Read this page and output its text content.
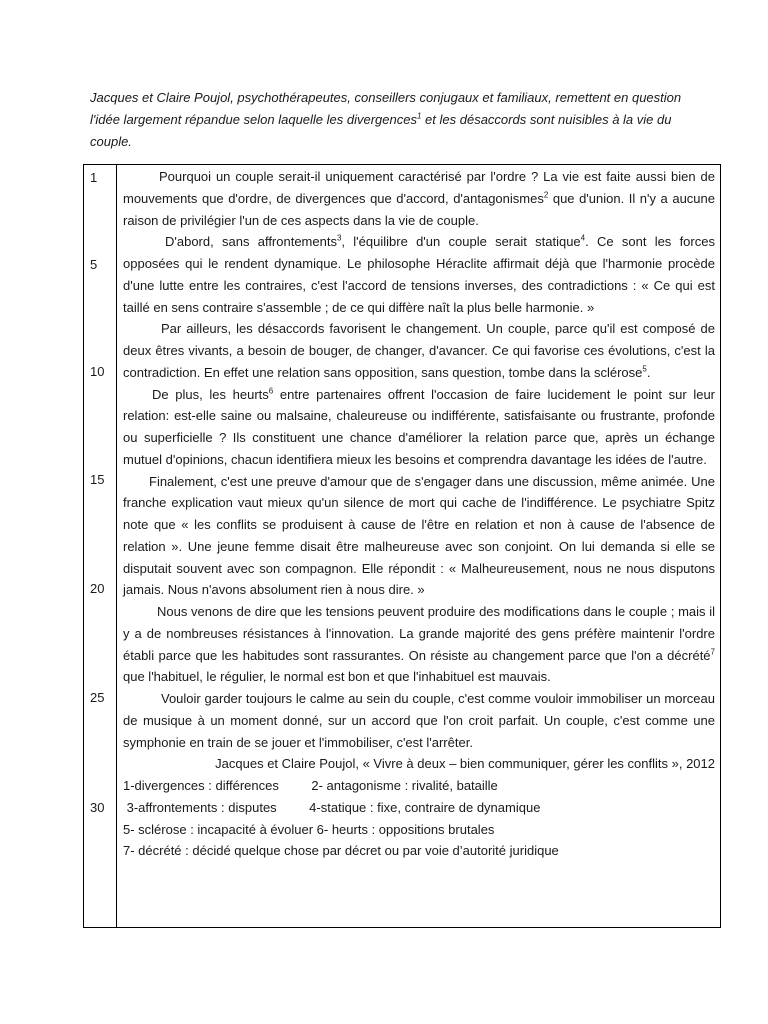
Jacques et Claire Poujol, psychothérapeutes, conseillers conjugaux et familiaux, remettent en question l'idée largement répandue selon laquelle les divergences$^1$ et les désaccords sont nuisibles à la vie du couple.

1

5

10

15

20

25

30

Pourquoi un couple serait-il uniquement caractérisé par l'ordre ? La vie est faite aussi bien de mouvements que d'ordre, de divergences que d'accord, d'antagonismes$^2$ que d'union. Il n'y a aucune raison de privilégier l'un de ces aspects dans la vie de couple.

D'abord, sans affrontements$^3$, l'équilibre d'un couple serait statique$^4$. Ce sont les forces opposées qui le rendent dynamique. Le philosophe Héraclite affirmait déjà que l'harmonie procède d'une lutte entre les contraires, c'est l'accord de tensions inverses, des contradictions : « Ce qui est taillé en sens contraire s'assemble ; de ce qui diffère naît la plus belle harmonie. »

Par ailleurs, les désaccords favorisent le changement. Un couple, parce qu'il est composé de deux êtres vivants, a besoin de bouger, de changer, d'avancer. Ce qui favorise ces évolutions, c'est la contradiction. En effet une relation sans opposition, sans question, tombe dans la sclérose$^5$.

De plus, les heurts$^6$ entre partenaires offrent l'occasion de faire lucidement le point sur leur relation: est-elle saine ou malsaine, chaleureuse ou indifférente, satisfaisante ou frustrante, profonde ou superficielle ? Ils constituent une chance d'améliorer la relation parce que, après un échange mutuel d'opinions, chacun identifiera mieux les besoins et comprendra davantage les idées de l'autre.

Finalement, c'est une preuve d'amour que de s'engager dans une discussion, même animée. Une franche explication vaut mieux qu'un silence de mort qui cache de l'indifférence. Le psychiatre Spitz note que « les conflits se produisent à cause de l'être en relation et non à cause de l'absence de relation ». Une jeune femme disait être malheureuse avec son conjoint. On lui demanda si elle se disputait souvent avec son compagnon. Elle répondit : « Malheureusement, nous ne nous disputons jamais. Nous n'avons absolument rien à nous dire. »

Nous venons de dire que les tensions peuvent produire des modifications dans le couple ; mais il y a de nombreuses résistances à l'innovation. La grande majorité des gens préfère maintenir l'ordre établi parce que les habitudes sont rassurantes. On résiste au changement parce que l'on a décrété$^7$ que l'habituel, le régulier, le normal est bon et que l'inhabituel est mauvais.

Vouloir garder toujours le calme au sein du couple, c'est comme vouloir immobiliser un morceau de musique à un moment donné, sur un accord que l'on croit parfait. Un couple, c'est comme une symphonie en train de se jouer et l'immobiliser, c'est l'arrêter.

Jacques et Claire Poujol, « Vivre à deux – bien communiquer, gérer les conflits », 2012

1-divergences : différences         2- antagonisme : rivalité, bataille

3-affrontements : disputes         4-statique : fixe, contraire de dynamique

5- sclérose : incapacité à évoluer 6- heurts : oppositions brutales

7- décrété : décidé quelque chose par décret ou par voie d’autorité juridique
